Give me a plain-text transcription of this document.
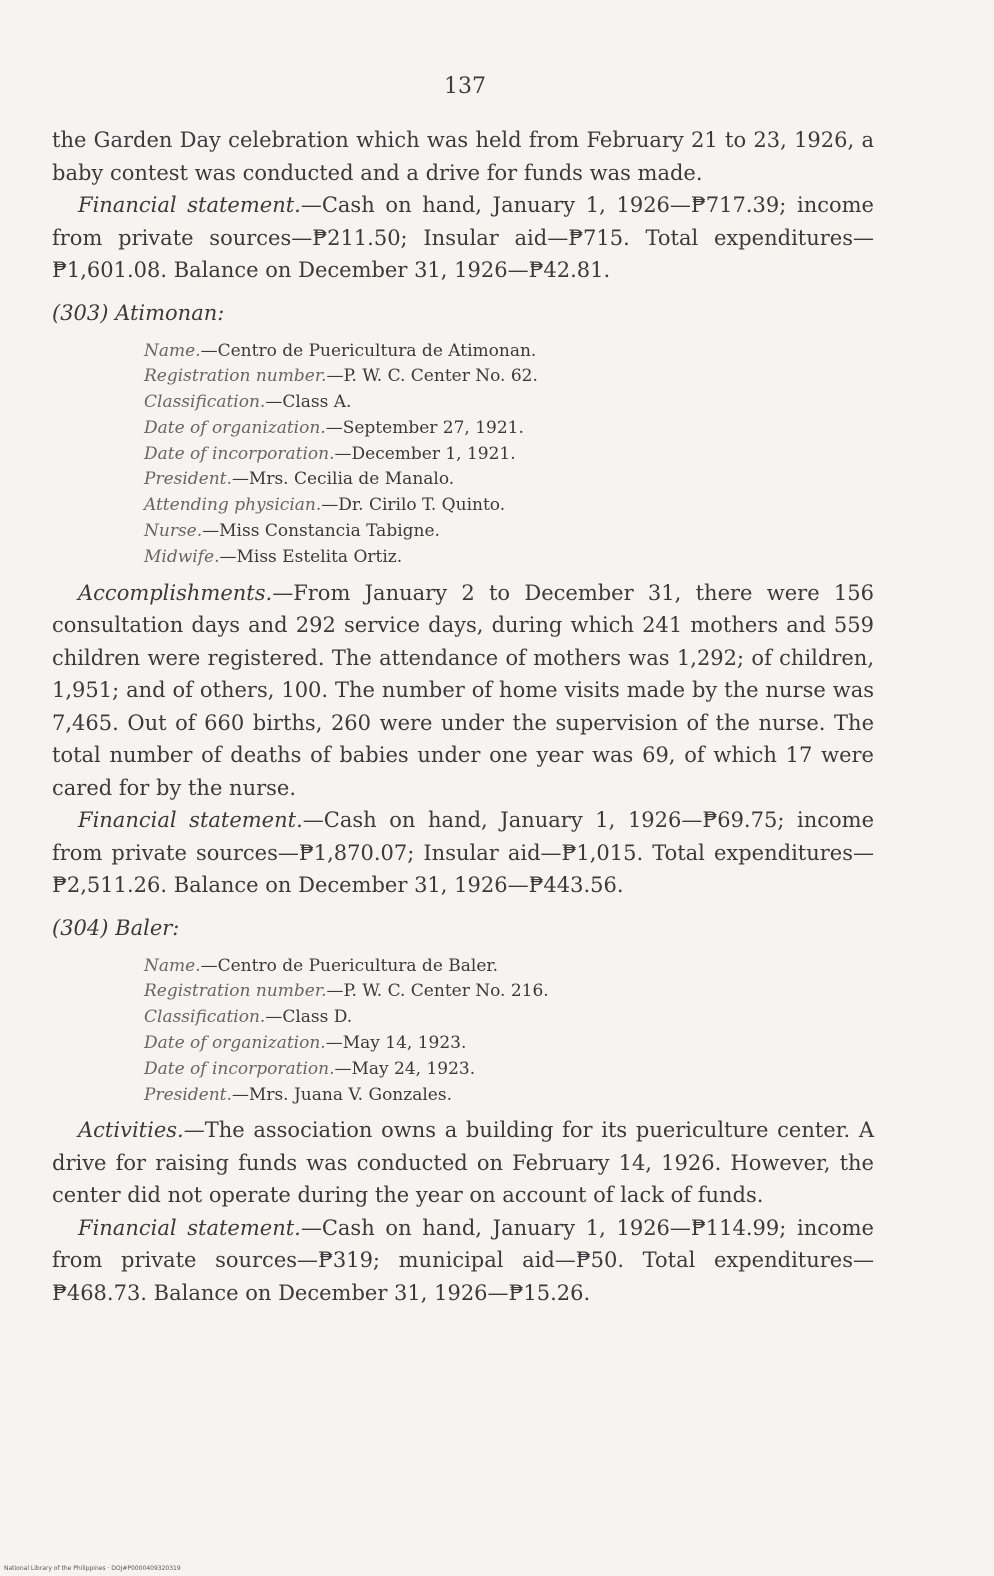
137

the Garden Day celebration which was held from February 21 to 23, 1926, a baby contest was conducted and a drive for funds was made.

Financial statement.—Cash on hand, January 1, 1926—₱717.39; income from private sources—₱211.50; Insular aid—₱715. Total expenditures—₱1,601.08. Balance on December 31, 1926—₱42.81.

(303) Atimonan:
Name.—Centro de Puericultura de Atimonan.
Registration number.—P. W. C. Center No. 62.
Classification.—Class A.
Date of organization.—September 27, 1921.
Date of incorporation.—December 1, 1921.
President.—Mrs. Cecilia de Manalo.
Attending physician.—Dr. Cirilo T. Quinto.
Nurse.—Miss Constancia Tabigne.
Midwife.—Miss Estelita Ortiz.

Accomplishments.—From January 2 to December 31, there were 156 consultation days and 292 service days, during which 241 mothers and 559 children were registered. The attendance of mothers was 1,292; of children, 1,951; and of others, 100. The number of home visits made by the nurse was 7,465. Out of 660 births, 260 were under the supervision of the nurse. The total number of deaths of babies under one year was 69, of which 17 were cared for by the nurse.

Financial statement.—Cash on hand, January 1, 1926—₱69.75; income from private sources—₱1,870.07; Insular aid—₱1,015. Total expenditures—₱2,511.26. Balance on December 31, 1926—₱443.56.

(304) Baler:
Name.—Centro de Puericultura de Baler.
Registration number.—P. W. C. Center No. 216.
Classification.—Class D.
Date of organization.—May 14, 1923.
Date of incorporation.—May 24, 1923.
President.—Mrs. Juana V. Gonzales.

Activities.—The association owns a building for its puericulture center. A drive for raising funds was conducted on February 14, 1926. However, the center did not operate during the year on account of lack of funds.

Financial statement.—Cash on hand, January 1, 1926—₱114.99; income from private sources—₱319; municipal aid—₱50. Total expenditures—₱468.73. Balance on December 31, 1926—₱15.26.

National Library of the Philippines · DOJ#P0000409320319
